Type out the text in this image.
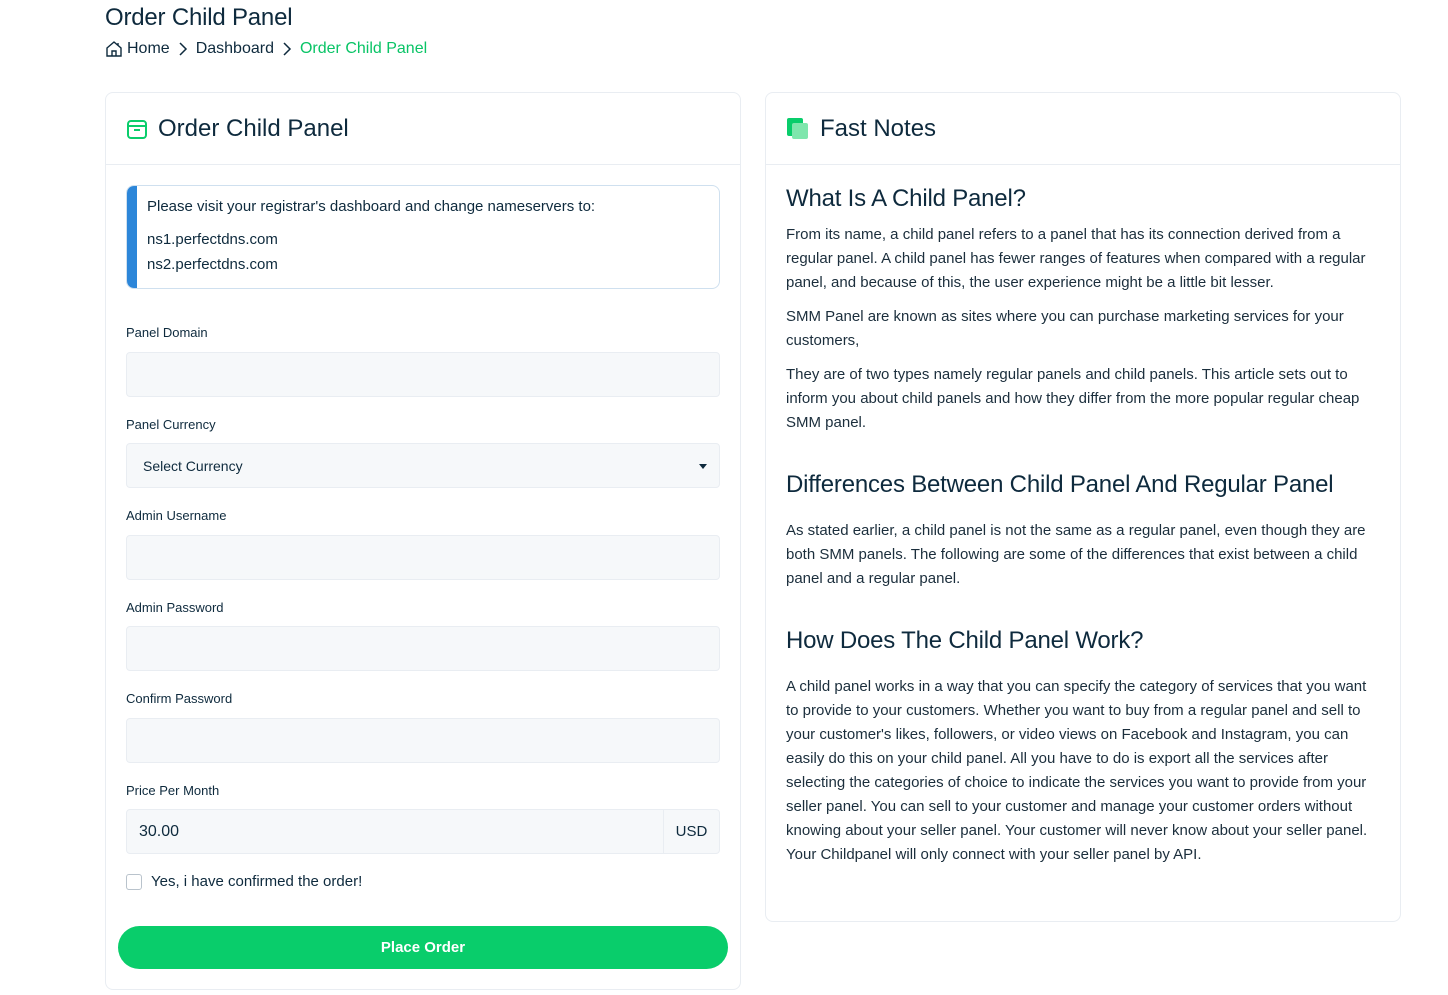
Order Child Panel
Home Dashboard Order Child Panel
Order Child Panel
Please visit your registrar's dashboard and change nameservers to:
ns1.perfectdns.com
ns2.perfectdns.com
Panel Domain
Panel Currency
Select Currency
Admin Username
Admin Password
Confirm Password
Price Per Month
30.00	USD
Yes, i have confirmed the order!
Place Order
Fast Notes
What Is A Child Panel?

From its name, a child panel refers to a panel that has its connection derived from a regular panel. A child panel has fewer ranges of features when compared with a regular panel, and because of this, the user experience might be a little bit lesser.

SMM Panel are known as sites where you can purchase marketing services for your customers,

They are of two types namely regular panels and child panels. This article sets out to inform you about child panels and how they differ from the more popular regular cheap SMM panel.

Differences Between Child Panel And Regular Panel

As stated earlier, a child panel is not the same as a regular panel, even though they are both SMM panels. The following are some of the differences that exist between a child panel and a regular panel.

How Does The Child Panel Work?

A child panel works in a way that you can specify the category of services that you want to provide to your customers. Whether you want to buy from a regular panel and sell to your customer's likes, followers, or video views on Facebook and Instagram, you can easily do this on your child panel. All you have to do is export all the services after selecting the categories of choice to indicate the services you want to provide from your seller panel. You can sell to your customer and manage your customer orders without knowing about your seller panel. Your customer will never know about your seller panel. Your Childpanel will only connect with your seller panel by API.
